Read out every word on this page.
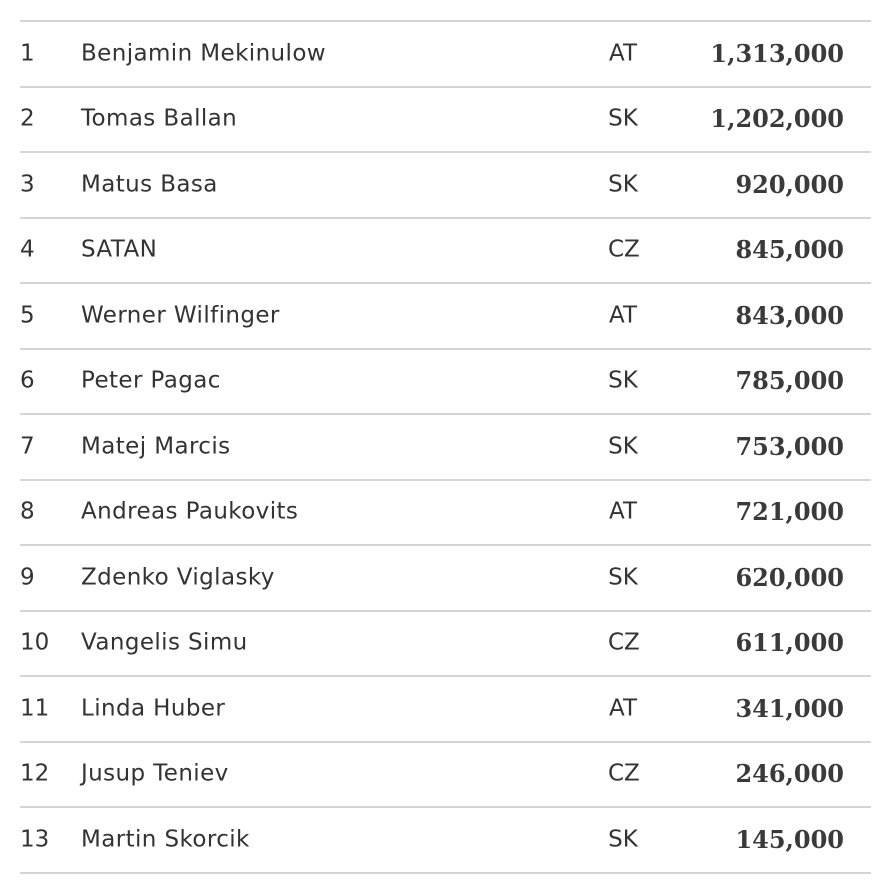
1 Benjamin Mekinulow	AT	1,313,000
2 Tomas Ballan	SK	1,202,000
3 Matus Basa	SK	920,000
4 SATAN	CZ	845,000
5 Werner Wilfinger	AT	843,000
6 Peter Pagac	SK	785,000
7 Matej Marcis	SK	753,000
8 Andreas Paukovits	AT	721,000
9 Zdenko Viglasky	SK	620,000
10 Vangelis Simu	CZ	611,000
11 Linda Huber	AT	341,000
12 Jusup Teniev	CZ	246,000
13 Martin Skorcik	SK	145,000
